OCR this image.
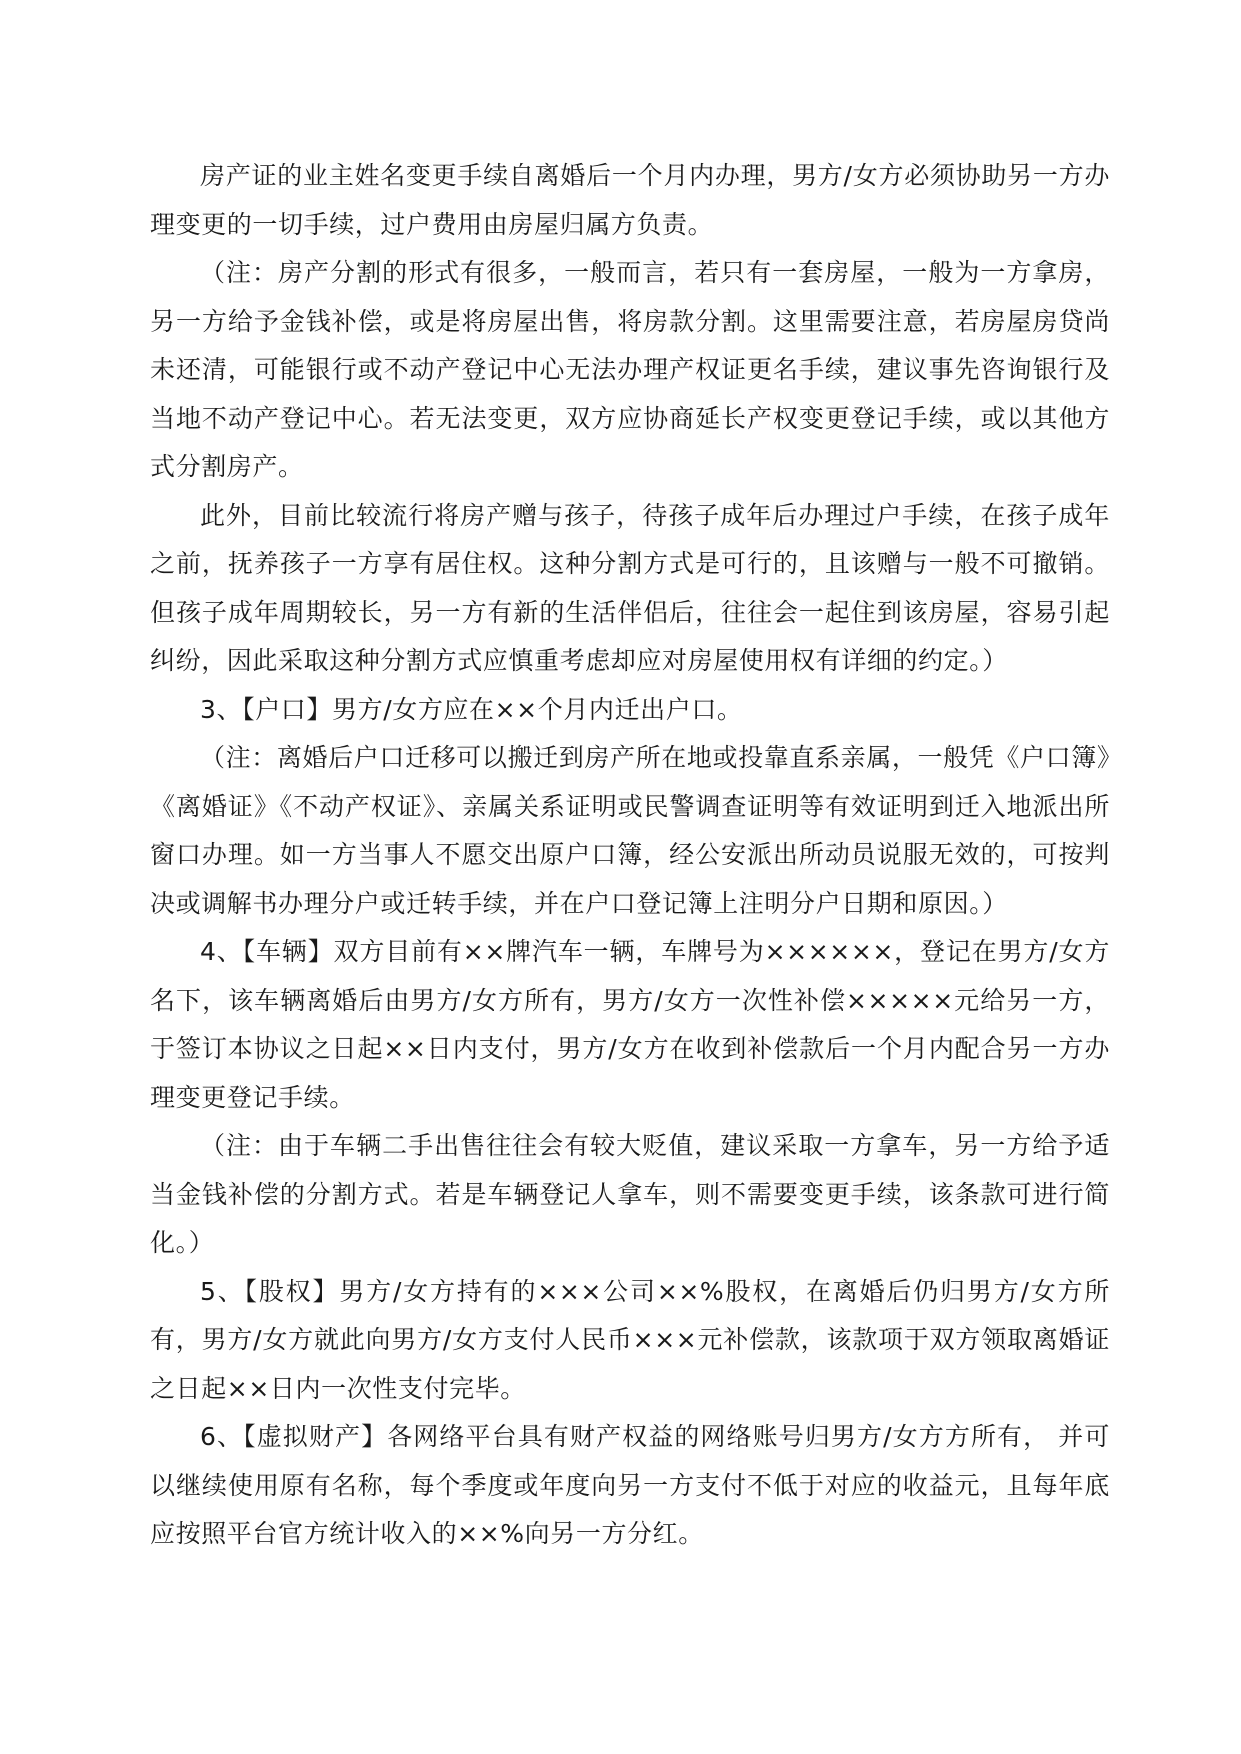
房产证的业主姓名变更手续自离婚后一个月内办理，男方/女方必须协助另一方办理变更的一切手续，过户费用由房屋归属方负责。

（注：房产分割的形式有很多，一般而言，若只有一套房屋，一般为一方拿房，另一方给予金钱补偿，或是将房屋出售，将房款分割。这里需要注意，若房屋房贷尚未还清，可能银行或不动产登记中心无法办理产权证更名手续，建议事先咨询银行及当地不动产登记中心。若无法变更，双方应协商延长产权变更登记手续，或以其他方式分割房产。

此外，目前比较流行将房产赠与孩子，待孩子成年后办理过户手续，在孩子成年之前，抚养孩子一方享有居住权。这种分割方式是可行的，且该赠与一般不可撤销。但孩子成年周期较长，另一方有新的生活伴侣后，往往会一起住到该房屋，容易引起纠纷，因此采取这种分割方式应慎重考虑却应对房屋使用权有详细的约定。）

3、【户口】男方/女方应在××个月内迁出户口。

（注：离婚后户口迁移可以搬迁到房产所在地或投靠直系亲属，一般凭《户口簿》《离婚证》《不动产权证》、亲属关系证明或民警调查证明等有效证明到迁入地派出所窗口办理。如一方当事人不愿交出原户口簿，经公安派出所动员说服无效的，可按判决或调解书办理分户或迁转手续，并在户口登记簿上注明分户日期和原因。）

4、【车辆】双方目前有××牌汽车一辆，车牌号为××××××，登记在男方/女方名下，该车辆离婚后由男方/女方所有，男方/女方一次性补偿×××××元给另一方，于签订本协议之日起××日内支付，男方/女方在收到补偿款后一个月内配合另一方办理变更登记手续。

（注：由于车辆二手出售往往会有较大贬值，建议采取一方拿车，另一方给予适当金钱补偿的分割方式。若是车辆登记人拿车，则不需要变更手续，该条款可进行简化。）

5、【股权】男方/女方持有的×××公司××%股权，在离婚后仍归男方/女方所有，男方/女方就此向男方/女方支付人民币×××元补偿款，该款项于双方领取离婚证之日起××日内一次性支付完毕。

6、【虚拟财产】各网络平台具有财产权益的网络账号归男方/女方方所有， 并可以继续使用原有名称，每个季度或年度向另一方支付不低于对应的收益元，且每年底应按照平台官方统计收入的××%向另一方分红。
